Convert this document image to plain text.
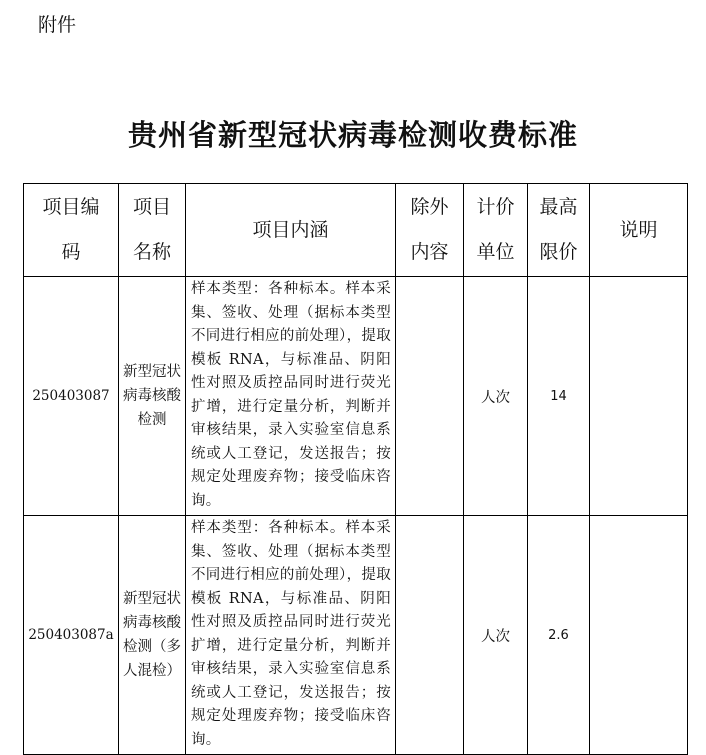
附件
贵州省新型冠状病毒检测收费标准
项目编码	项目名称	项目内涵	除外内容	计价单位	最高限价	说明
250403087	新型冠状病毒核酸检测	样本类型：各种标本。样本采集、签收、处理（据标本类型不同进行相应的前处理），提取模板 RNA，与标准品、阴阳性对照及质控品同时进行荧光扩增，进行定量分析，判断并审核结果，录入实验室信息系统或人工登记，发送报告；按规定处理废弃物；接受临床咨询。		人次	14	
250403087a	新型冠状病毒核酸检测（多人混检）	样本类型：各种标本。样本采集、签收、处理（据标本类型不同进行相应的前处理），提取模板 RNA，与标准品、阴阳性对照及质控品同时进行荧光扩增，进行定量分析，判断并审核结果，录入实验室信息系统或人工登记，发送报告；按规定处理废弃物；接受临床咨询。		人次	2.6	
